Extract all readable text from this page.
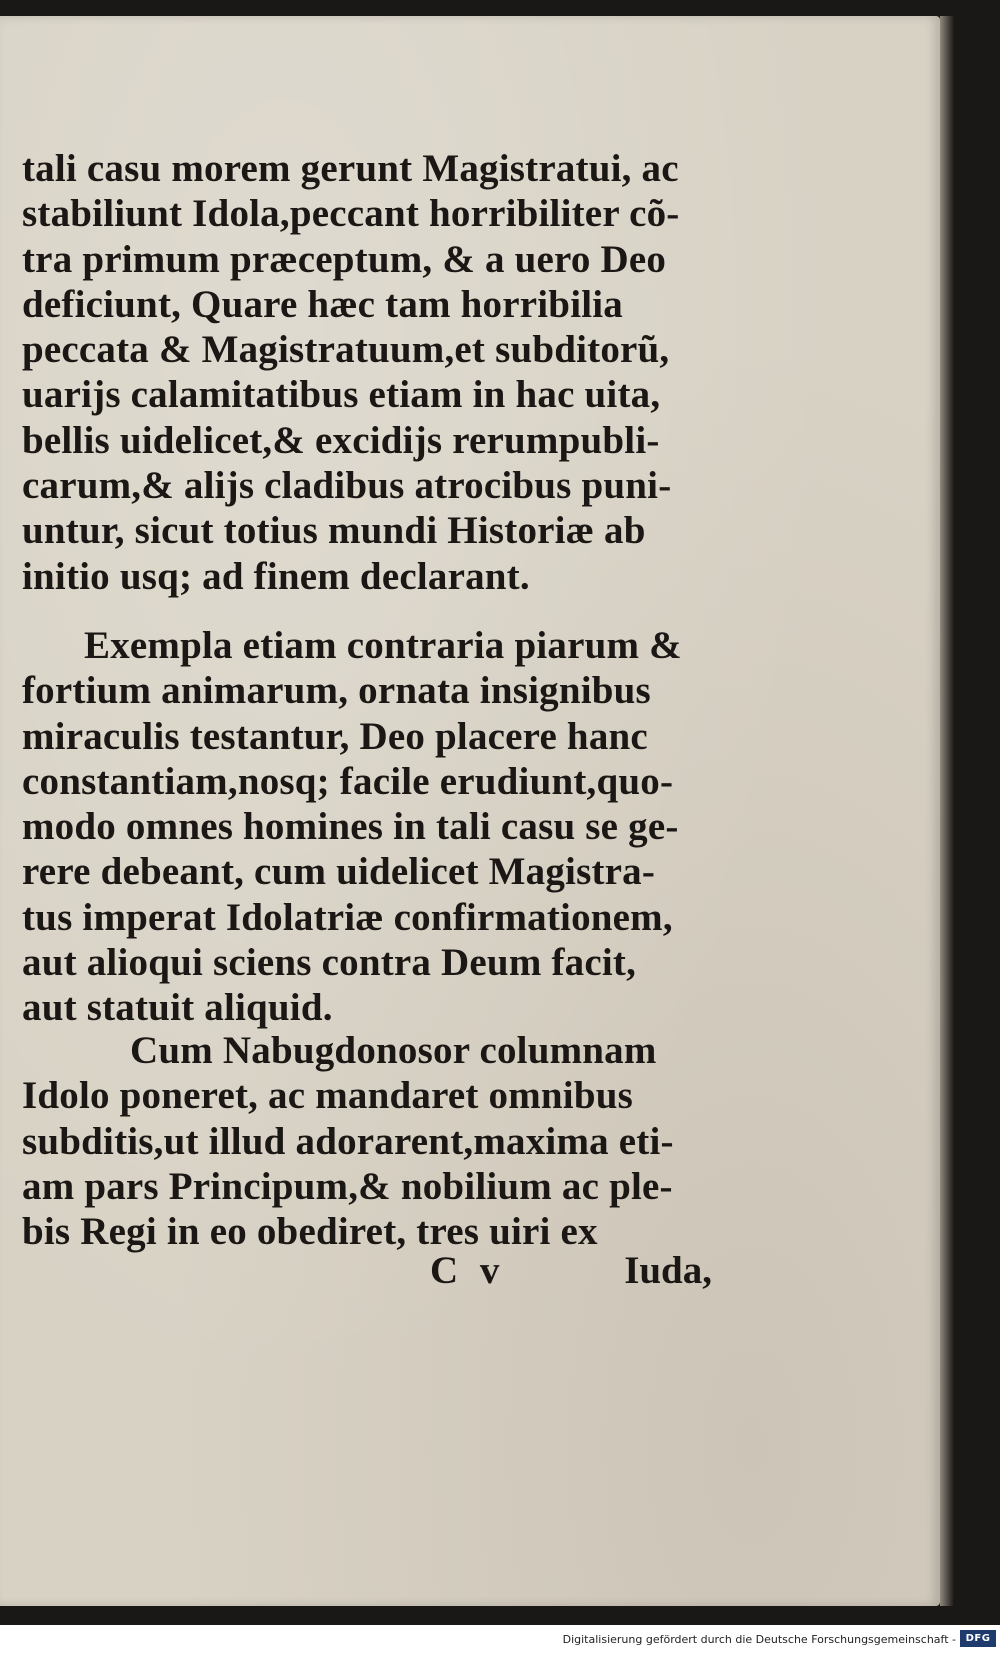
tali casu morem gerunt Magistratui, ac
stabiliunt Idola,peccant horribiliter cõ-
tra primum præceptum, & a uero Deo
deficiunt, Quare hæc tam horribilia
peccata & Magistratuum,et subditorũ,
uarijs calamitatibus etiam in hac uita,
bellis uidelicet,& excidijs rerumpubli-
carum,& alijs cladibus atrocibus puni-
untur, sicut totius mundi Historiæ ab
initio usq; ad finem declarant.
Exempla etiam contraria piarum &
fortium animarum, ornata insignibus
miraculis testantur, Deo placere hanc
constantiam,nosq; facile erudiunt,quo-
modo omnes homines in tali casu se ge-
rere debeant, cum uidelicet Magistra-
tus imperat Idolatriæ confirmationem,
aut alioqui sciens contra Deum facit,
aut statuit aliquid.
Cum Nabugdonosor columnam
Idolo poneret, ac mandaret omnibus
subditis,ut illud adorarent,maxima eti-
am pars Principum,& nobilium ac ple-
bis Regi in eo obediret, tres uiri ex
C v	Iuda,
Digitalisierung gefördert durch die Deutsche Forschungsgemeinschaft - DFG
